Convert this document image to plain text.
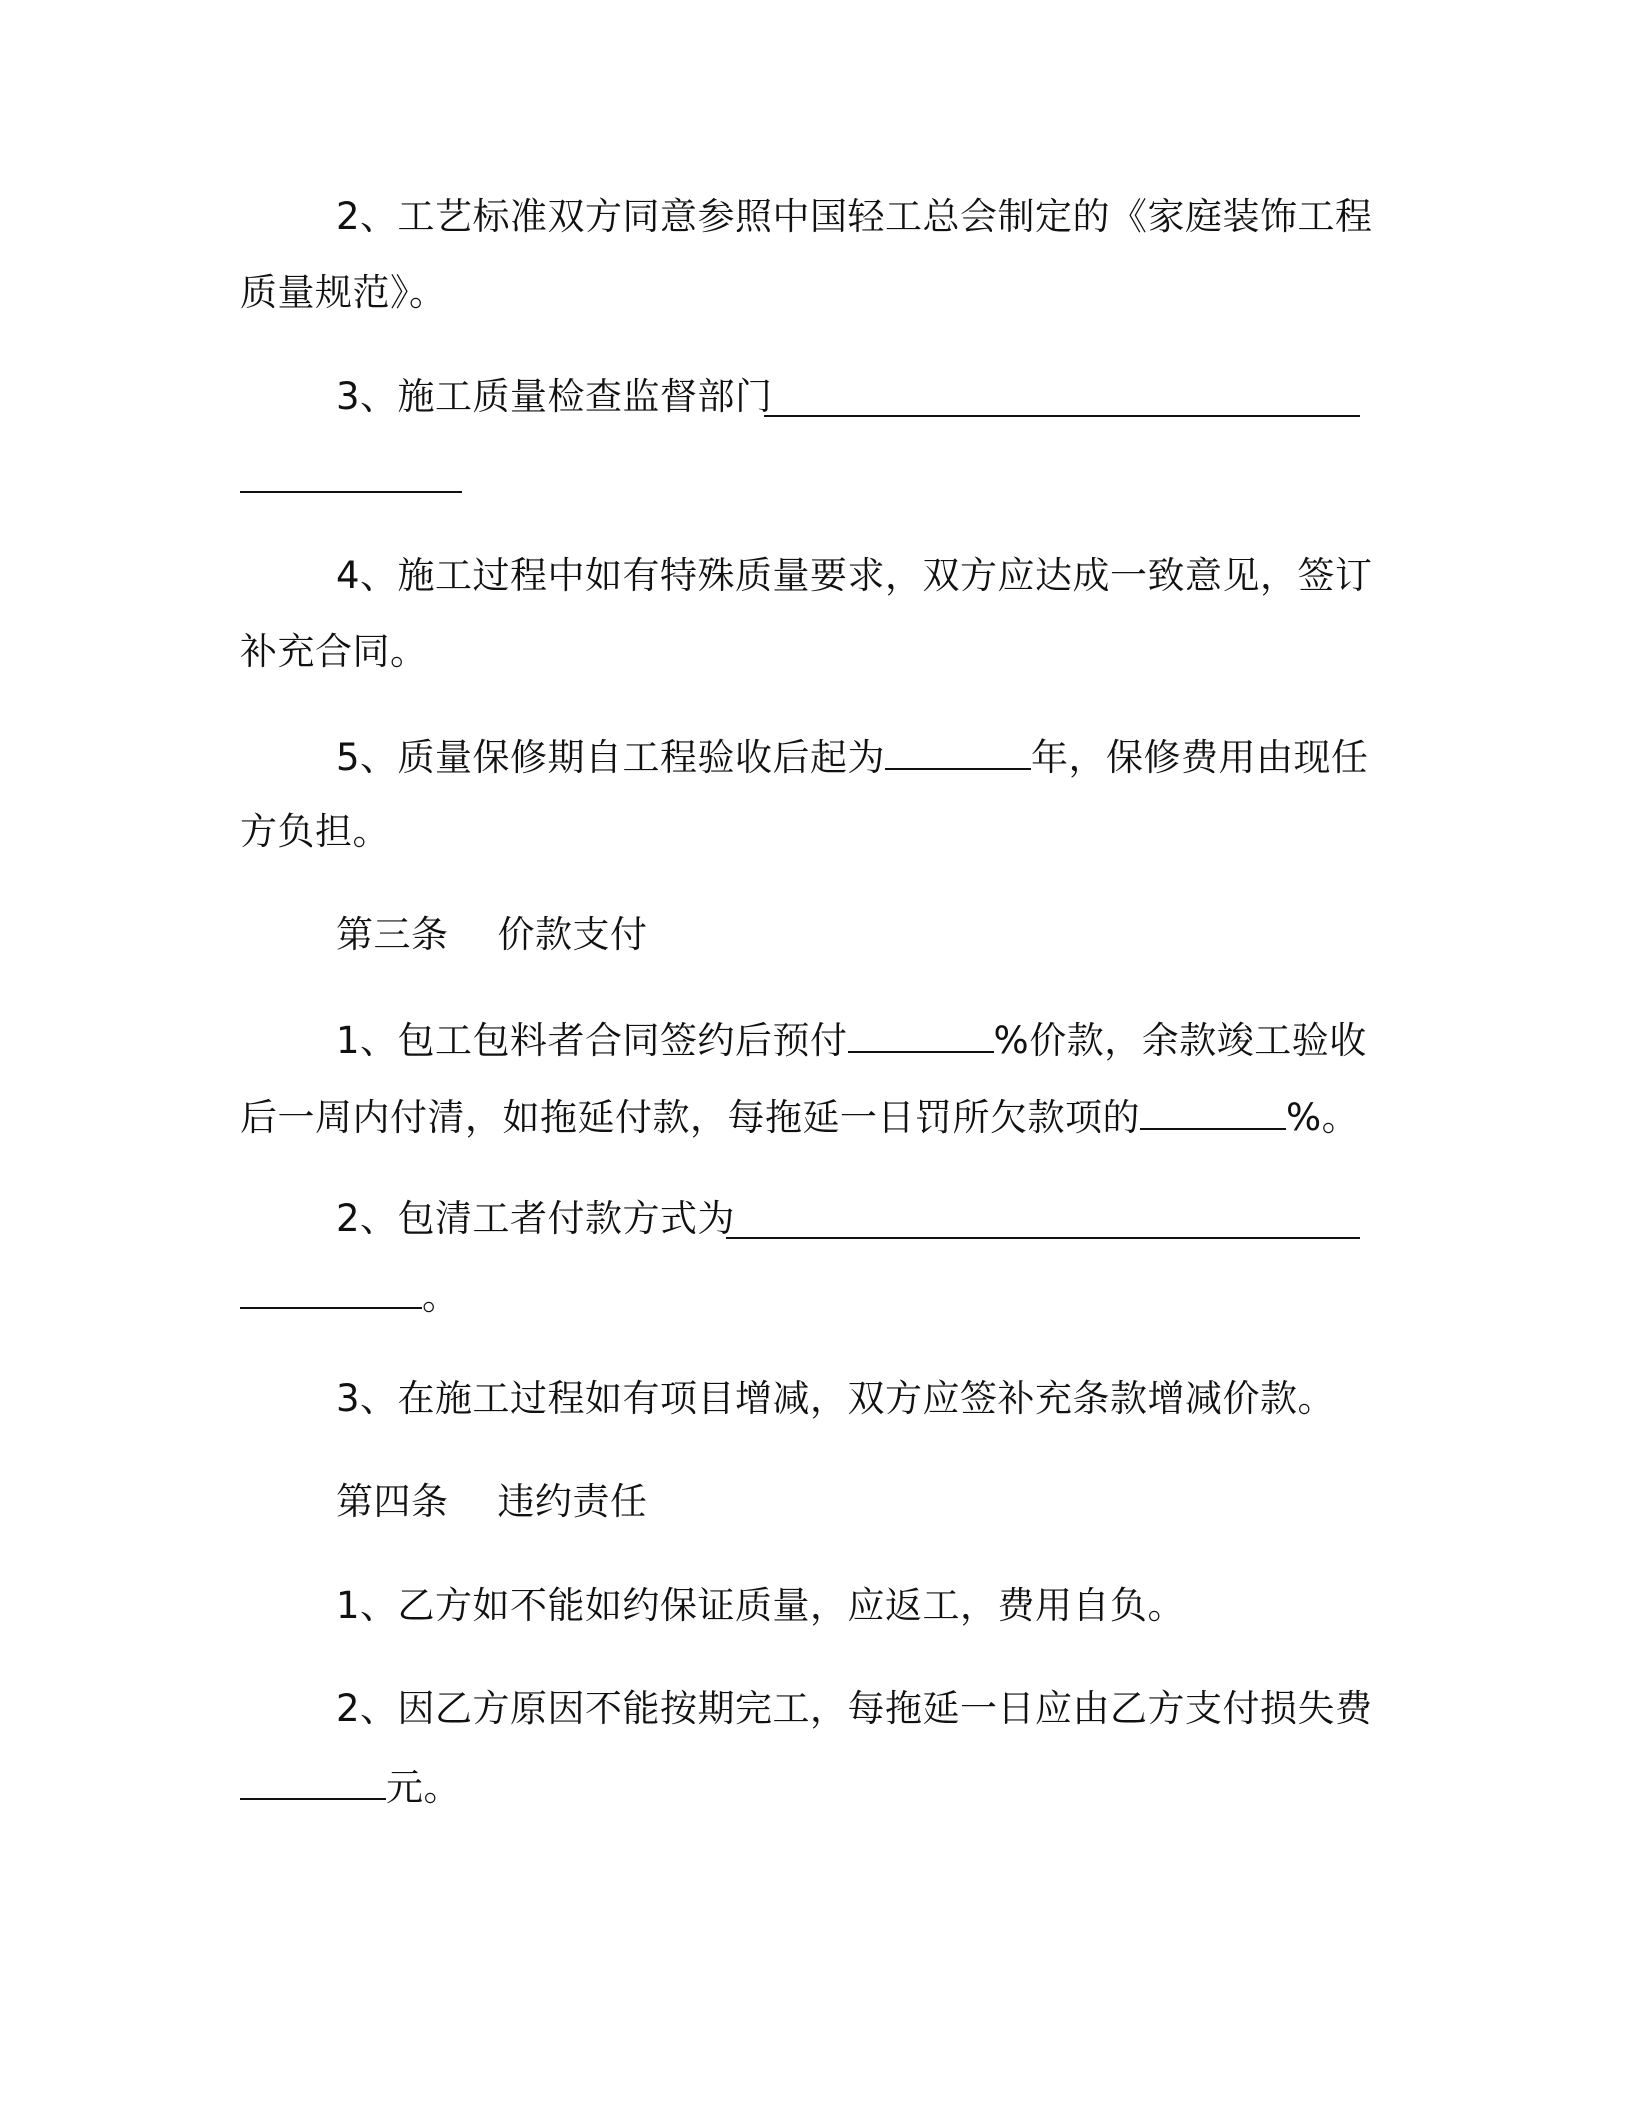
2、工艺标准双方同意参照中国轻工总会制定的《家庭装饰工程
质量规范》。
3、施工质量检查监督部门
4、施工过程中如有特殊质量要求，双方应达成一致意见，签订
补充合同。
5、质量保修期自工程验收后起为	年，保修费用由现任
方负担。
第三条    价款支付
1、包工包料者合同签约后预付	%价款，余款竣工验收
后一周内付清，如拖延付款，每拖延一日罚所欠款项的	%。
2、包清工者付款方式为
。
3、在施工过程如有项目增减，双方应签补充条款增减价款。
第四条    违约责任
1、乙方如不能如约保证质量，应返工，费用自负。
2、因乙方原因不能按期完工，每拖延一日应由乙方支付损失费
元。
